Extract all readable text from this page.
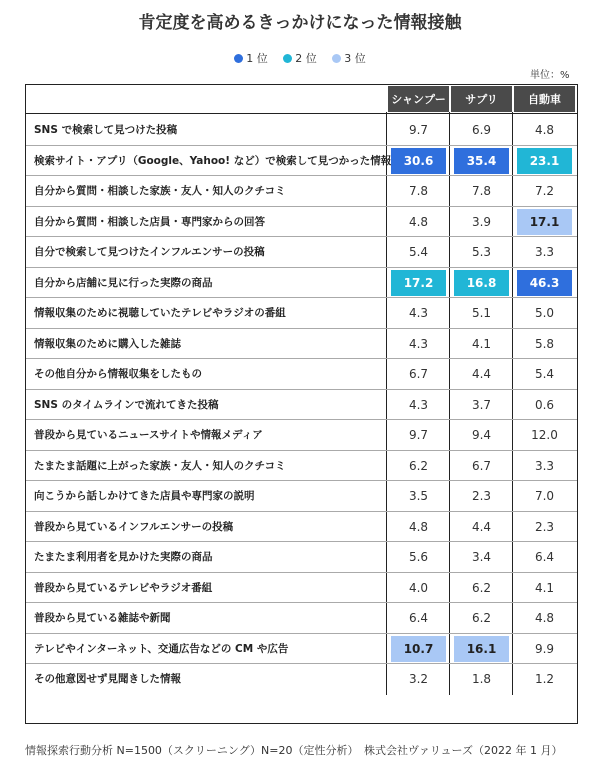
肯定度を高めるきっかけになった情報接触
1 位	2 位	3 位
単位：%
シャンプー	サプリ	自動車
SNS で検索して見つけた投稿	9.7	6.9	4.8
検索サイト・アプリ（Google、Yahoo! など）で検索して見つかった情報	30.6	35.4	23.1
自分から質問・相談した家族・友人・知人のクチコミ	7.8	7.8	7.2
自分から質問・相談した店員・専門家からの回答	4.8	3.9	17.1
自分で検索して見つけたインフルエンサーの投稿	5.4	5.3	3.3
自分から店舗に見に行った実際の商品	17.2	16.8	46.3
情報収集のために視聴していたテレビやラジオの番組	4.3	5.1	5.0
情報収集のために購入した雑誌	4.3	4.1	5.8
その他自分から情報収集をしたもの	6.7	4.4	5.4
SNS のタイムラインで流れてきた投稿	4.3	3.7	0.6
普段から見ているニュースサイトや情報メディア	9.7	9.4	12.0
たまたま話題に上がった家族・友人・知人のクチコミ	6.2	6.7	3.3
向こうから話しかけてきた店員や専門家の説明	3.5	2.3	7.0
普段から見ているインフルエンサーの投稿	4.8	4.4	2.3
たまたま利用者を見かけた実際の商品	5.6	3.4	6.4
普段から見ているテレビやラジオ番組	4.0	6.2	4.1
普段から見ている雑誌や新聞	6.4	6.2	4.8
テレビやインターネット、交通広告などの CM や広告	10.7	16.1	9.9
その他意図せず見聞きした情報	3.2	1.8	1.2
情報探索行動分析 N=1500（スクリーニング）N=20（定性分析）　株式会社ヴァリューズ（2022 年 1 月）
